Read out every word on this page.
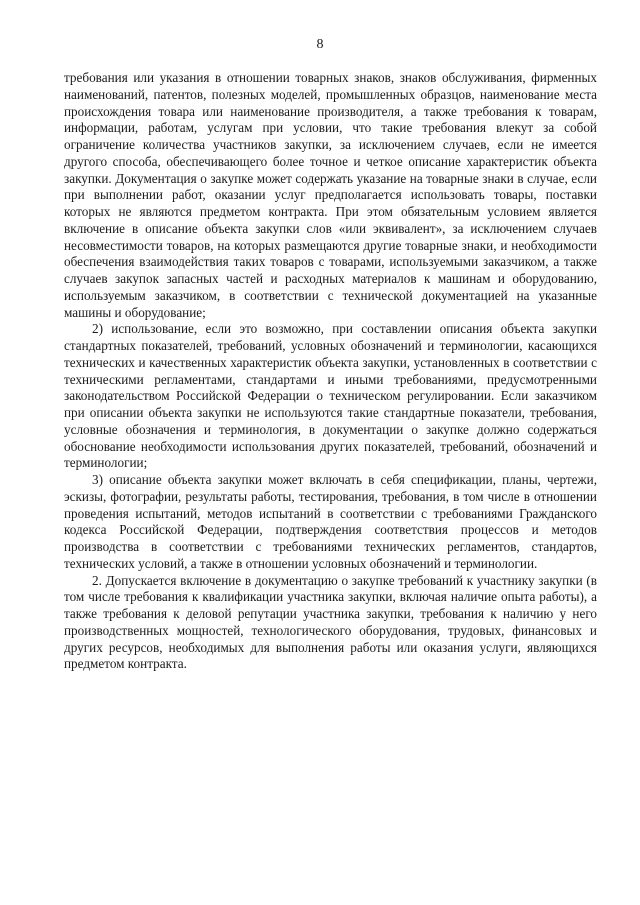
8

требования или указания в отношении товарных знаков, знаков обслуживания, фирменных наименований, патентов, полезных моделей, промышленных образцов, наименование места происхождения товара или наименование производителя, а также требования к товарам, информации, работам, услугам при условии, что такие требования влекут за собой ограничение количества участников закупки, за исключением случаев, если не имеется другого способа, обеспечивающего более точное и четкое описание характеристик объекта закупки. Документация о закупке может содержать указание на товарные знаки в случае, если при выполнении работ, оказании услуг предполагается использовать товары, поставки которых не являются предметом контракта. При этом обязательным условием является включение в описание объекта закупки слов «или эквивалент», за исключением случаев несовместимости товаров, на которых размещаются другие товарные знаки, и необходимости обеспечения взаимодействия таких товаров с товарами, используемыми заказчиком, а также случаев закупок запасных частей и расходных материалов к машинам и оборудованию, используемым заказчиком, в соответствии с технической документацией на указанные машины и оборудование;

2) использование, если это возможно, при составлении описания объекта закупки стандартных показателей, требований, условных обозначений и терминологии, касающихся технических и качественных характеристик объекта закупки, установленных в соответствии с техническими регламентами, стандартами и иными требованиями, предусмотренными законодательством Российской Федерации о техническом регулировании. Если заказчиком при описании объекта закупки не используются такие стандартные показатели, требования, условные обозначения и терминология, в документации о закупке должно содержаться обоснование необходимости использования других показателей, требований, обозначений и терминологии;

3) описание объекта закупки может включать в себя спецификации, планы, чертежи, эскизы, фотографии, результаты работы, тестирования, требования, в том числе в отношении проведения испытаний, методов испытаний в соответствии с требованиями Гражданского кодекса Российской Федерации, подтверждения соответствия процессов и методов производства в соответствии с требованиями технических регламентов, стандартов, технических условий, а также в отношении условных обозначений и терминологии.

2. Допускается включение в документацию о закупке требований к участнику закупки (в том числе требования к квалификации участника закупки, включая наличие опыта работы), а также требования к деловой репутации участника закупки, требования к наличию у него производственных мощностей, технологического оборудования, трудовых, финансовых и других ресурсов, необходимых для выполнения работы или оказания услуги, являющихся предметом контракта.
